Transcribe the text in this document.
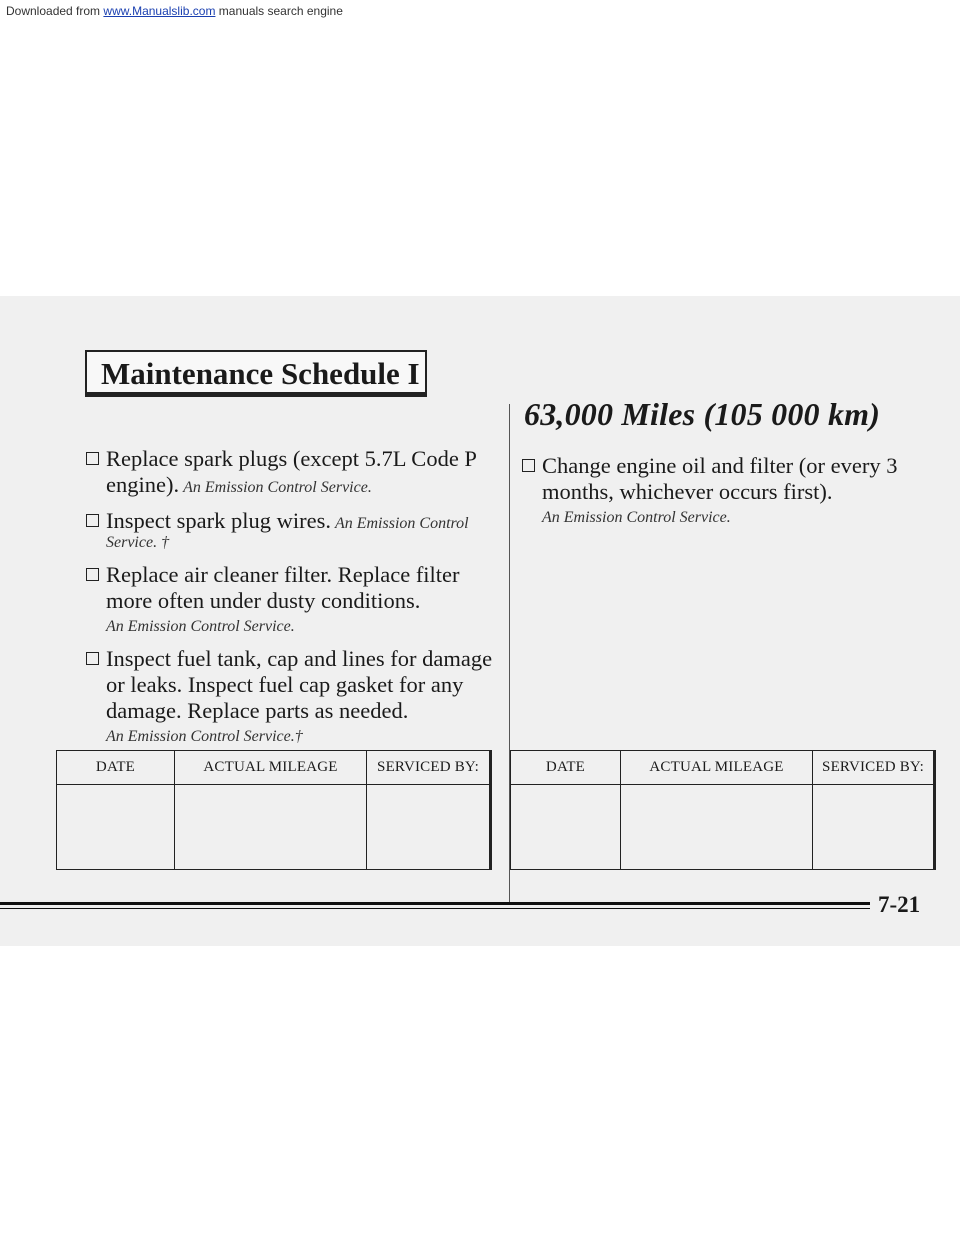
Downloaded from www.Manualslib.com manuals search engine
Maintenance Schedule I
Replace spark plugs (except 5.7L Code P engine). An Emission Control Service.
Inspect spark plug wires. An Emission Control Service. †
Replace air cleaner filter. Replace filter more often under dusty conditions.
An Emission Control Service.
Inspect fuel tank, cap and lines for damage or leaks. Inspect fuel cap gasket for any damage. Replace parts as needed.
An Emission Control Service.†
63,000 Miles (105 000 km)
Change engine oil and filter (or every 3 months, whichever occurs first).
An Emission Control Service.
DATE	ACTUAL MILEAGE	SERVICED BY:
			DATE	ACTUAL MILEAGE	SERVICED BY:

7-21
